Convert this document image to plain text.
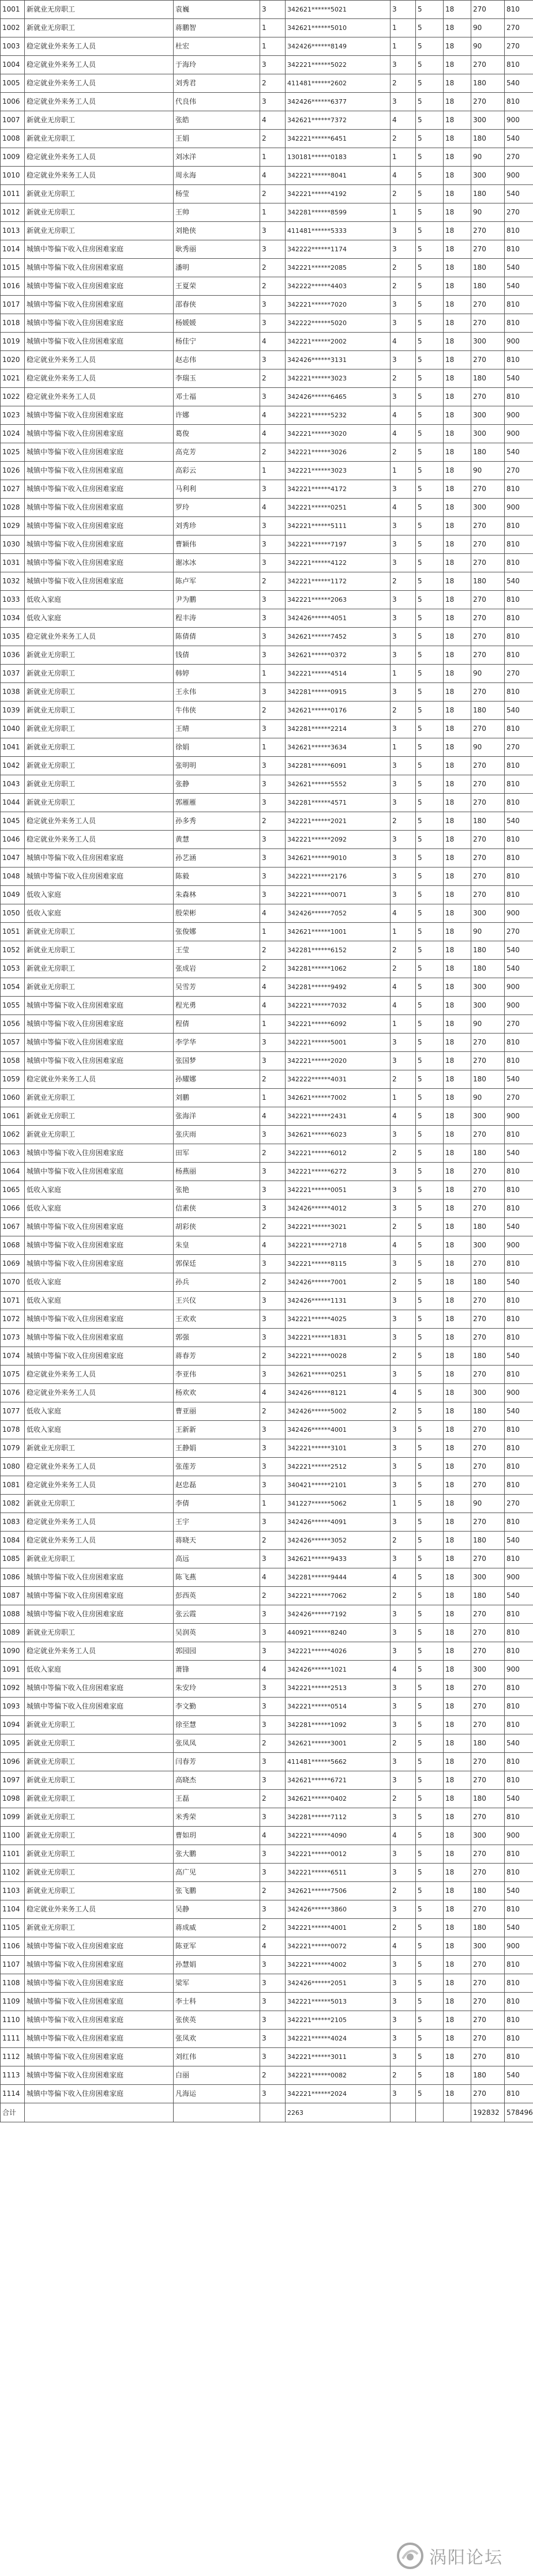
1001	新就业无房职工	袁巍	3	342621******5021	3	5	18	270	810
1002	新就业无房职工	蒋鹏智	1	342621******5010	1	5	18	90	270
1003	稳定就业外来务工人员	杜宏	1	342426******8149	1	5	18	90	270
1004	稳定就业外来务工人员	于海玲	3	342221******5022	3	5	18	270	810
1005	稳定就业外来务工人员	刘秀君	2	411481******2602	2	5	18	180	540
1006	稳定就业外来务工人员	代良伟	3	342426******6377	3	5	18	270	810
1007	新就业无房职工	张皓	4	342621******7372	4	5	18	300	900
1008	新就业无房职工	王娟	2	342221******6451	2	5	18	180	540
1009	稳定就业外来务工人员	刘冰洋	1	130181******0183	1	5	18	90	270
1010	稳定就业外来务工人员	周永海	4	342221******8041	4	5	18	300	900
1011	新就业无房职工	杨莹	2	342221******4192	2	5	18	180	540
1012	新就业无房职工	王帅	1	342281******8599	1	5	18	90	270
1013	新就业无房职工	刘艳侠	3	411481******5333	3	5	18	270	810
1014	城镇中等偏下收入住房困难家庭	耿秀丽	3	342222******1174	3	5	18	270	810
1015	城镇中等偏下收入住房困难家庭	潘明	2	342221******2085	2	5	18	180	540
1016	城镇中等偏下收入住房困难家庭	王夏荣	2	342222******4403	2	5	18	180	540
1017	城镇中等偏下收入住房困难家庭	邵春侠	3	342221******7020	3	5	18	270	810
1018	城镇中等偏下收入住房困难家庭	杨媛媛	3	342222******5020	3	5	18	270	810
1019	城镇中等偏下收入住房困难家庭	杨佳宁	4	342221******2002	4	5	18	300	900
1020	稳定就业外来务工人员	赵志伟	3	342426******3131	3	5	18	270	810
1021	稳定就业外来务工人员	李瑞玉	2	342221******3023	2	5	18	180	540
1022	稳定就业外来务工人员	邓士福	3	342426******6465	3	5	18	270	810
1023	城镇中等偏下收入住房困难家庭	许娜	4	342221******5232	4	5	18	300	900
1024	城镇中等偏下收入住房困难家庭	葛俊	4	342221******3020	4	5	18	300	900
1025	城镇中等偏下收入住房困难家庭	高克芳	2	342221******3026	2	5	18	180	540
1026	城镇中等偏下收入住房困难家庭	高彩云	1	342221******3023	1	5	18	90	270
1027	城镇中等偏下收入住房困难家庭	马利利	3	342221******4172	3	5	18	270	810
1028	城镇中等偏下收入住房困难家庭	罗玲	4	342221******0251	4	5	18	300	900
1029	城镇中等偏下收入住房困难家庭	刘秀珍	3	342221******5111	3	5	18	270	810
1030	城镇中等偏下收入住房困难家庭	曹颖伟	3	342221******7197	3	5	18	270	810
1031	城镇中等偏下收入住房困难家庭	谢冰冰	3	342221******4122	3	5	18	270	810
1032	城镇中等偏下收入住房困难家庭	陈卢军	2	342221******1172	2	5	18	180	540
1033	低收入家庭	尹为鹏	3	342221******2063	3	5	18	270	810
1034	低收入家庭	程丰涛	3	342426******4051	3	5	18	270	810
1035	稳定就业外来务工人员	陈倩倩	3	342621******7452	3	5	18	270	810
1036	新就业无房职工	钱倩	3	342621******0372	3	5	18	270	810
1037	新就业无房职工	韩婷	1	342221******4514	1	5	18	90	270
1038	新就业无房职工	王永伟	3	342281******0915	3	5	18	270	810
1039	新就业无房职工	牛伟侠	2	342621******0176	2	5	18	180	540
1040	新就业无房职工	王晴	3	342281******2214	3	5	18	270	810
1041	新就业无房职工	徐娟	1	342621******3634	1	5	18	90	270
1042	新就业无房职工	张明明	3	342281******6091	3	5	18	270	810
1043	新就业无房职工	张静	3	342621******5552	3	5	18	270	810
1044	新就业无房职工	郭雁雁	3	342281******4571	3	5	18	270	810
1045	稳定就业外来务工人员	孙多秀	2	342221******2021	2	5	18	180	540
1046	稳定就业外来务工人员	黄慧	3	342221******2092	3	5	18	270	810
1047	城镇中等偏下收入住房困难家庭	孙艺涵	3	342621******9010	3	5	18	270	810
1048	城镇中等偏下收入住房困难家庭	陈毅	3	342221******2176	3	5	18	270	810
1049	低收入家庭	朱森林	3	342221******0071	3	5	18	270	810
1050	低收入家庭	殷荣彬	4	342426******7052	4	5	18	300	900
1051	新就业无房职工	张俊娜	1	342621******1001	1	5	18	90	270
1052	新就业无房职工	王莹	2	342281******6152	2	5	18	180	540
1053	新就业无房职工	张成岩	2	342281******1062	2	5	18	180	540
1054	新就业无房职工	吴雪芳	4	342281******9492	4	5	18	300	900
1055	城镇中等偏下收入住房困难家庭	程光勇	4	342221******7032	4	5	18	300	900
1056	城镇中等偏下收入住房困难家庭	程倩	1	342221******6092	1	5	18	90	270
1057	城镇中等偏下收入住房困难家庭	李学华	3	342221******5001	3	5	18	270	810
1058	城镇中等偏下收入住房困难家庭	张国梦	3	342221******2020	3	5	18	270	810
1059	稳定就业外来务工人员	孙耀娜	2	342222******4031	2	5	18	180	540
1060	新就业无房职工	刘鹏	1	342621******7002	1	5	18	90	270
1061	新就业无房职工	张海洋	4	342221******2431	4	5	18	300	900
1062	新就业无房职工	张庆雨	3	342621******6023	3	5	18	270	810
1063	城镇中等偏下收入住房困难家庭	田军	2	342221******6012	2	5	18	180	540
1064	城镇中等偏下收入住房困难家庭	杨燕丽	3	342221******6272	3	5	18	270	810
1065	低收入家庭	张艳	3	342221******0051	3	5	18	270	810
1066	低收入家庭	信素侠	3	342426******4012	3	5	18	270	810
1067	城镇中等偏下收入住房困难家庭	胡彩侠	2	342221******3021	2	5	18	180	540
1068	城镇中等偏下收入住房困难家庭	朱皇	4	342221******2718	4	5	18	300	900
1069	城镇中等偏下收入住房困难家庭	郭保廷	3	342221******8115	3	5	18	270	810
1070	低收入家庭	孙兵	2	342426******7001	2	5	18	180	540
1071	低收入家庭	王兴仪	3	342426******1131	3	5	18	270	810
1072	城镇中等偏下收入住房困难家庭	王欢欢	3	342221******4025	3	5	18	270	810
1073	城镇中等偏下收入住房困难家庭	郭强	3	342221******1831	3	5	18	270	810
1074	城镇中等偏下收入住房困难家庭	蒋春芳	2	342221******0028	2	5	18	180	540
1075	稳定就业外来务工人员	李亚伟	3	342621******0251	3	5	18	270	810
1076	稳定就业外来务工人员	杨欢欢	4	342426******8121	4	5	18	300	900
1077	低收入家庭	曹亚丽	2	342426******5002	2	5	18	180	540
1078	低收入家庭	王新新	3	342426******4001	3	5	18	270	810
1079	新就业无房职工	王静娟	3	342221******3101	3	5	18	270	810
1080	稳定就业外来务工人员	张莲芳	3	342221******2512	3	5	18	270	810
1081	稳定就业外来务工人员	赵忠磊	3	340421******2101	3	5	18	270	810
1082	新就业无房职工	李倩	1	341227******5062	1	5	18	90	270
1083	稳定就业外来务工人员	王宇	3	342426******4091	3	5	18	270	810
1084	稳定就业外来务工人员	蒋晓天	2	342426******3052	2	5	18	180	540
1085	新就业无房职工	高远	3	342621******9433	3	5	18	270	810
1086	城镇中等偏下收入住房困难家庭	陈飞燕	4	342281******9444	4	5	18	300	900
1087	城镇中等偏下收入住房困难家庭	彭西英	2	342221******7062	2	5	18	180	540
1088	城镇中等偏下收入住房困难家庭	张云霞	3	342426******7192	3	5	18	270	810
1089	新就业无房职工	吴润英	3	440921******8240	3	5	18	270	810
1090	稳定就业外来务工人员	郭园园	3	342221******4026	3	5	18	270	810
1091	低收入家庭	萧锋	4	342426******1021	4	5	18	300	900
1092	城镇中等偏下收入住房困难家庭	朱安玲	3	342221******2513	3	5	18	270	810
1093	城镇中等偏下收入住房困难家庭	李文勤	3	342221******0514	3	5	18	270	810
1094	新就业无房职工	徐至慧	3	342281******1092	3	5	18	270	810
1095	新就业无房职工	张凤凤	2	342621******3001	2	5	18	180	540
1096	新就业无房职工	闫春芳	3	411481******5662	3	5	18	270	810
1097	新就业无房职工	高晓杰	3	342621******6721	3	5	18	270	810
1098	新就业无房职工	王磊	2	342621******0402	2	5	18	180	540
1099	新就业无房职工	米秀荣	3	342281******7112	3	5	18	270	810
1100	新就业无房职工	曹如玥	4	342221******4090	4	5	18	300	900
1101	新就业无房职工	张大鹏	3	342221******0012	3	5	18	270	810
1102	新就业无房职工	高广见	3	342221******6511	3	5	18	270	810
1103	新就业无房职工	张飞鹏	2	342621******7506	2	5	18	180	540
1104	稳定就业外来务工人员	吴静	3	342426******3860	3	5	18	270	810
1105	新就业无房职工	蒋成威	2	342221******4001	2	5	18	180	540
1106	城镇中等偏下收入住房困难家庭	陈亚军	4	342221******0072	4	5	18	300	900
1107	城镇中等偏下收入住房困难家庭	孙慧娟	3	342221******4002	3	5	18	270	810
1108	城镇中等偏下收入住房困难家庭	梁军	3	342426******2051	3	5	18	270	810
1109	城镇中等偏下收入住房困难家庭	李士科	3	342221******5013	3	5	18	270	810
1110	城镇中等偏下收入住房困难家庭	张侠英	3	342221******2105	3	5	18	270	810
1111	城镇中等偏下收入住房困难家庭	张凤欢	3	342221******4024	3	5	18	270	810
1112	城镇中等偏下收入住房困难家庭	刘红伟	3	342221******3011	3	5	18	270	810
1113	城镇中等偏下收入住房困难家庭	白丽	2	342221******0082	2	5	18	180	540
1114	城镇中等偏下收入住房困难家庭	凡海运	3	342221******2024	3	5	18	270	810
合计				2263				192832	578496
涡阳论坛
